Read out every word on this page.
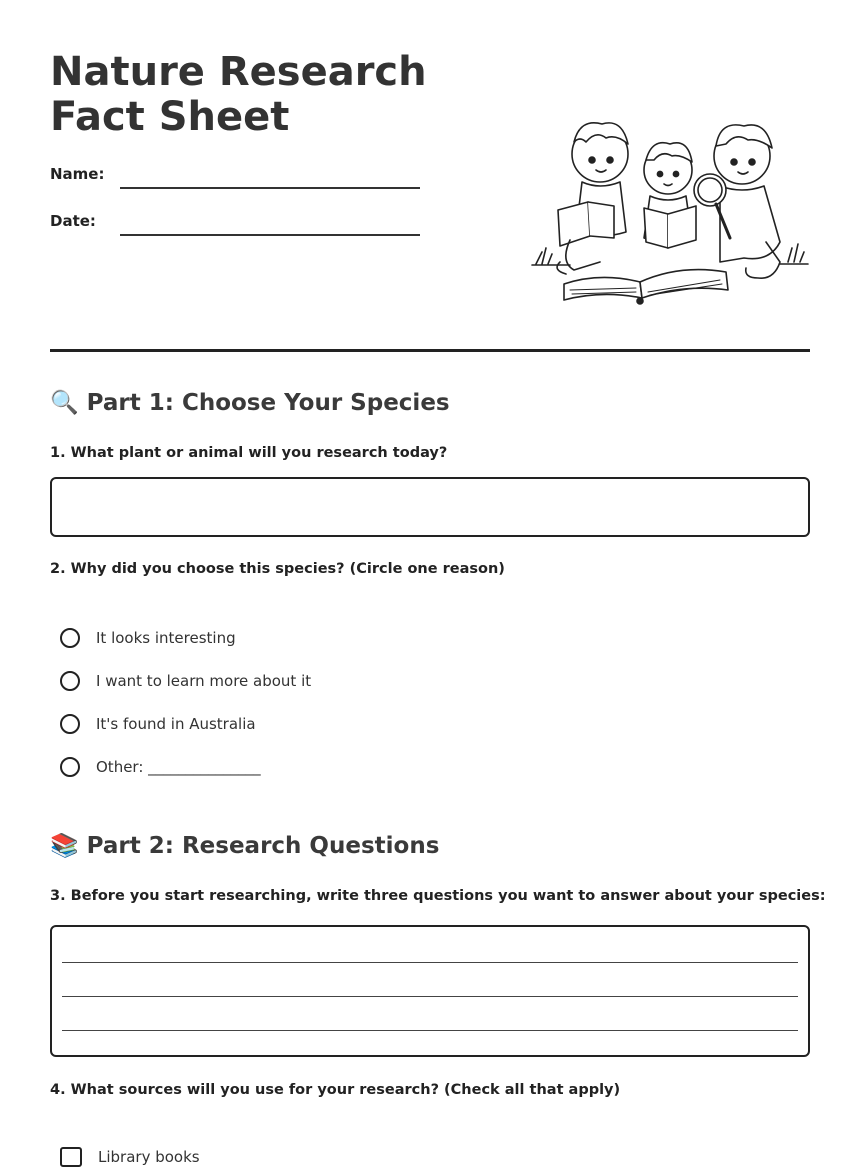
Nature Research Fact Sheet
Name:
Date:
🔍 Part 1: Choose Your Species

1. What plant or animal will you research today?

2. Why did you choose this species? (Circle one reason)

It looks interesting
I want to learn more about it
It's found in Australia
Other: _______________
📚 Part 2: Research Questions

3. Before you start researching, write three questions you want to answer about your species:

4. What sources will you use for your research? (Check all that apply)

Library books
